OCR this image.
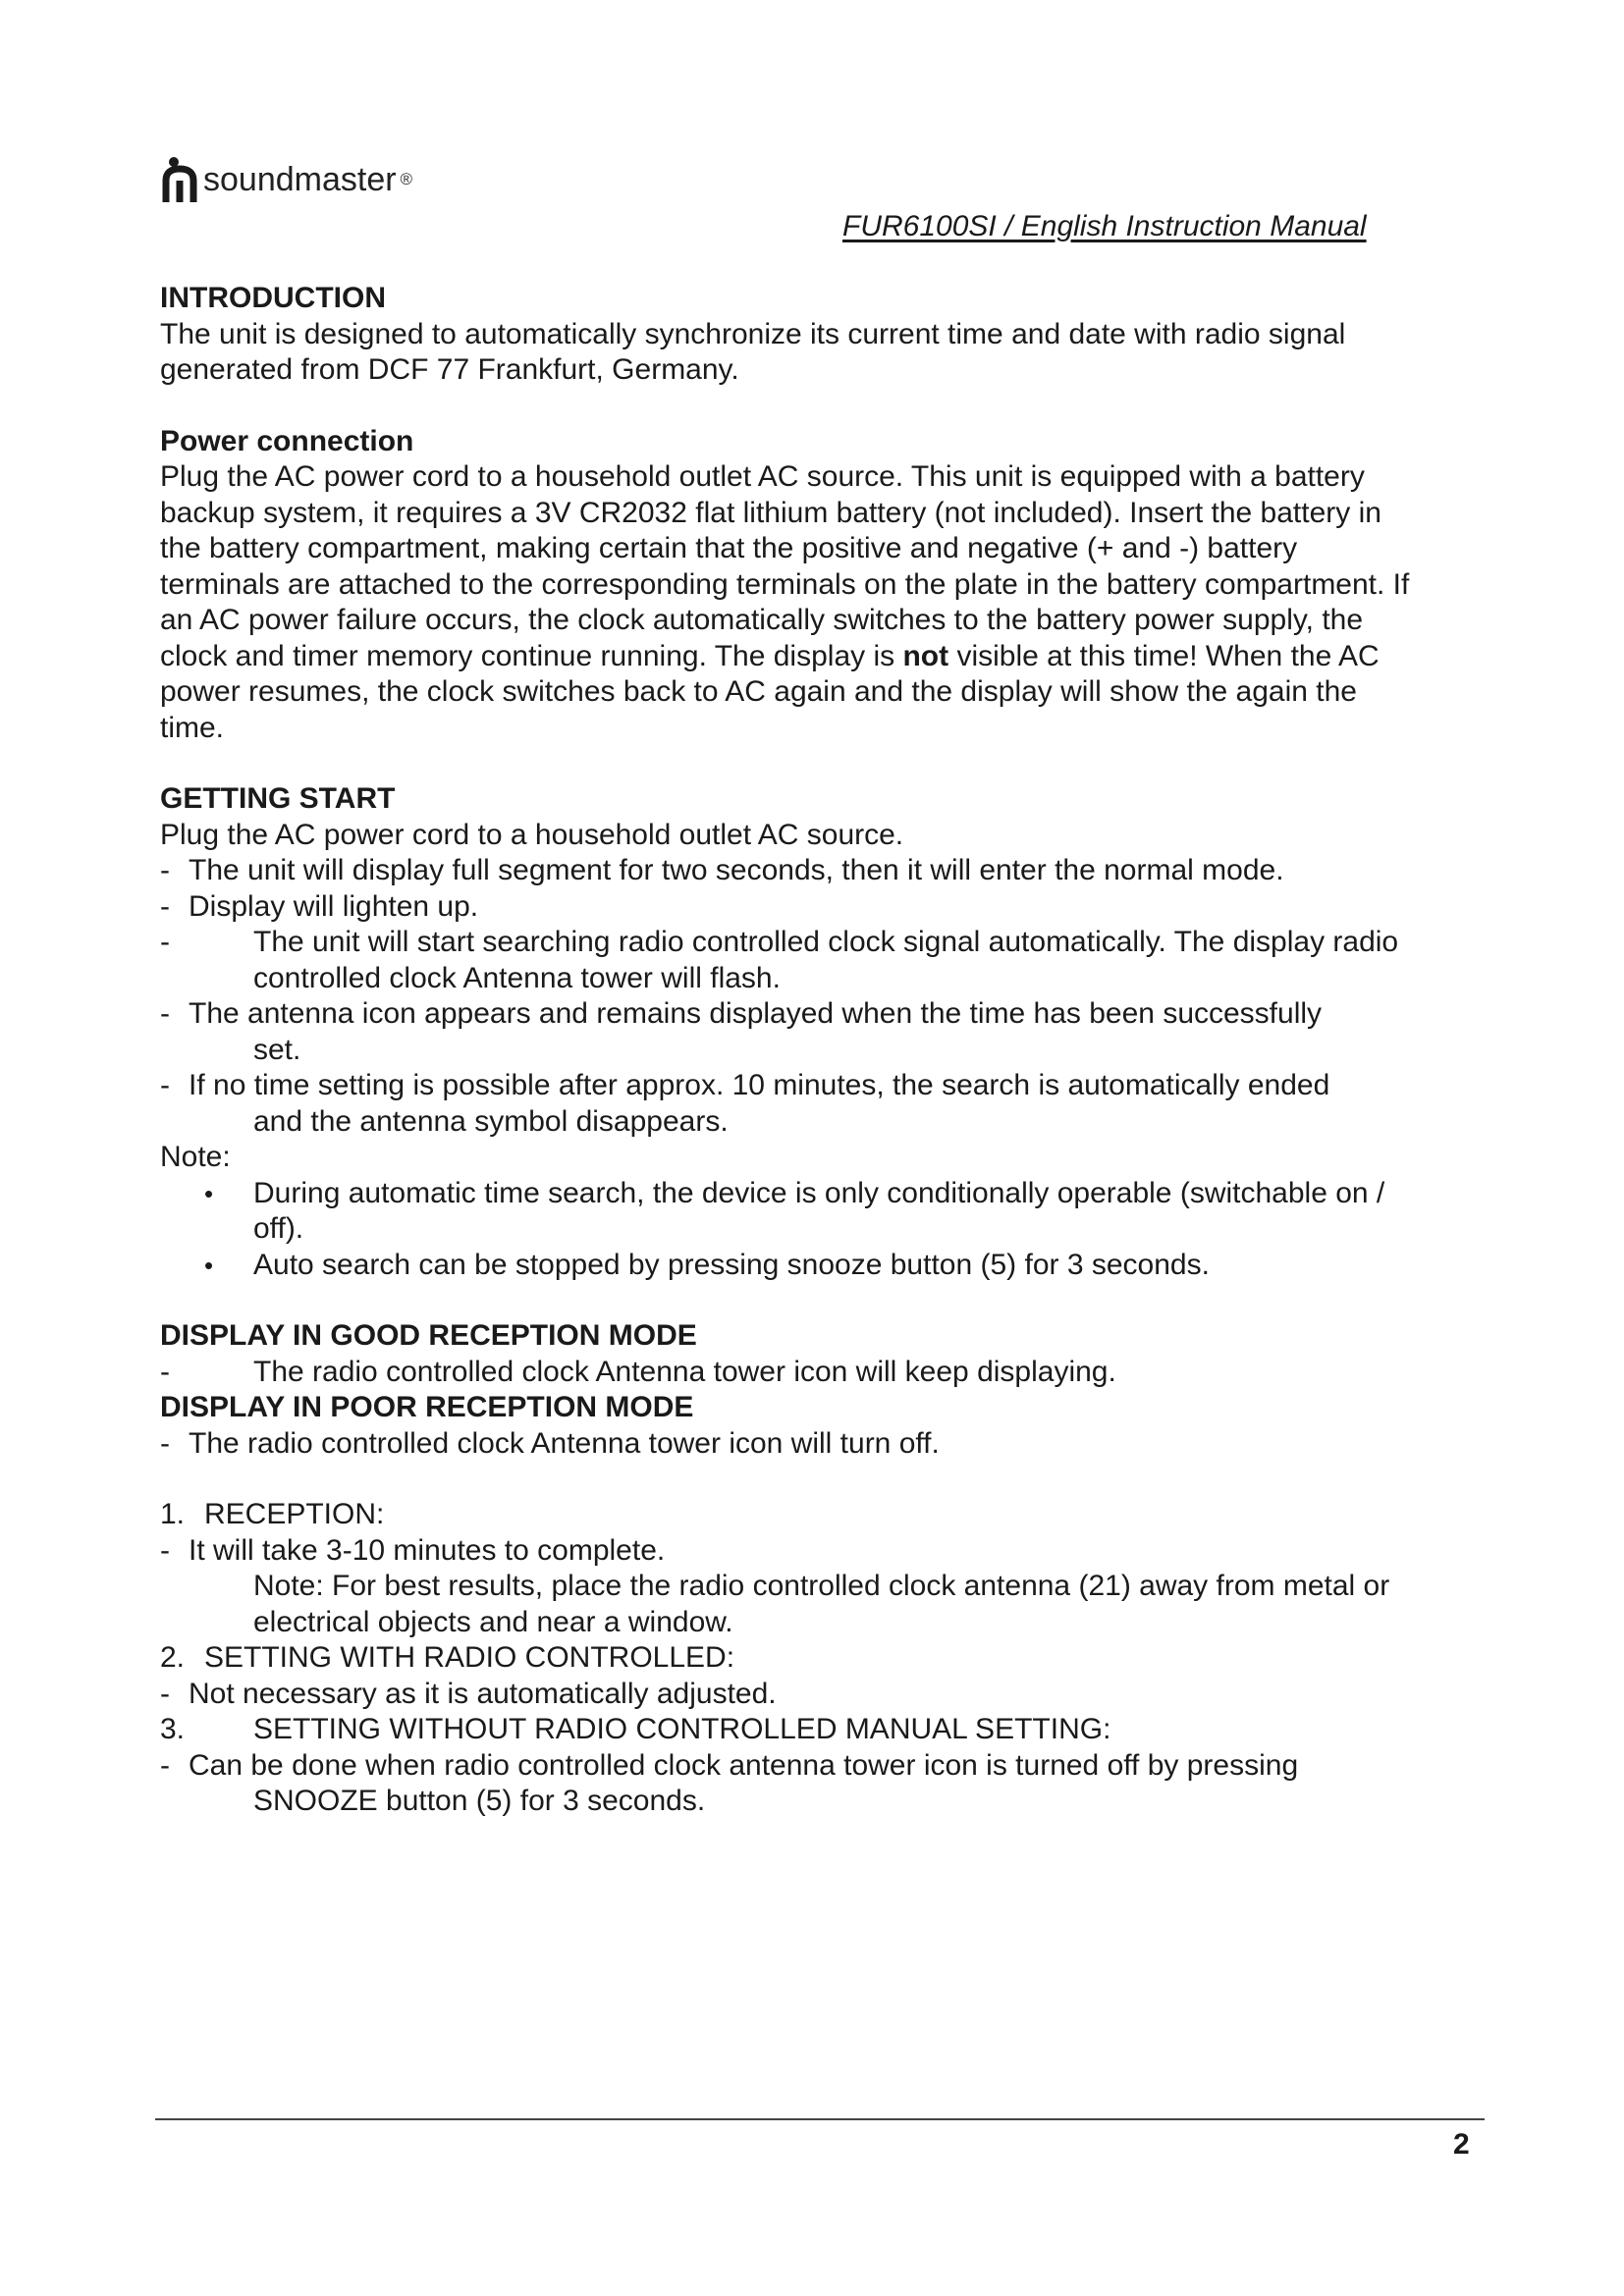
soundmaster ®
FUR6100SI / English Instruction Manual
INTRODUCTION
The unit is designed to automatically synchronize its current time and date with radio signal
generated from DCF 77 Frankfurt, Germany.
Power connection
Plug the AC power cord to a household outlet AC source. This unit is equipped with a battery
backup system, it requires a 3V CR2032 flat lithium battery (not included). Insert the battery in
the battery compartment, making certain that the positive and negative (+ and -) battery
terminals are attached to the corresponding terminals on the plate in the battery compartment. If
an AC power failure occurs, the clock automatically switches to the battery power supply, the
clock and timer memory continue running. The display is not visible at this time! When the AC
power resumes, the clock switches back to AC again and the display will show the again the
time.
GETTING START
Plug the AC power cord to a household outlet AC source.
- The unit will display full segment for two seconds, then it will enter the normal mode.
- Display will lighten up.
-	The unit will start searching radio controlled clock signal automatically. The display radio
controlled clock Antenna tower will flash.
- The antenna icon appears and remains displayed when the time has been successfully
set.
- If no time setting is possible after approx. 10 minutes, the search is automatically ended
and the antenna symbol disappears.
Note:
•	During automatic time search, the device is only conditionally operable (switchable on /
off).
•	Auto search can be stopped by pressing snooze button (5) for 3 seconds.
DISPLAY IN GOOD RECEPTION MODE
-	The radio controlled clock Antenna tower icon will keep displaying.
DISPLAY IN POOR RECEPTION MODE
- The radio controlled clock Antenna tower icon will turn off.
1. RECEPTION:
- It will take 3-10 minutes to complete.
Note: For best results, place the radio controlled clock antenna (21) away from metal or
electrical objects and near a window.
2. SETTING WITH RADIO CONTROLLED:
- Not necessary as it is automatically adjusted.
3.	SETTING WITHOUT RADIO CONTROLLED MANUAL SETTING:
- Can be done when radio controlled clock antenna tower icon is turned off by pressing
SNOOZE button (5) for 3 seconds.
2
